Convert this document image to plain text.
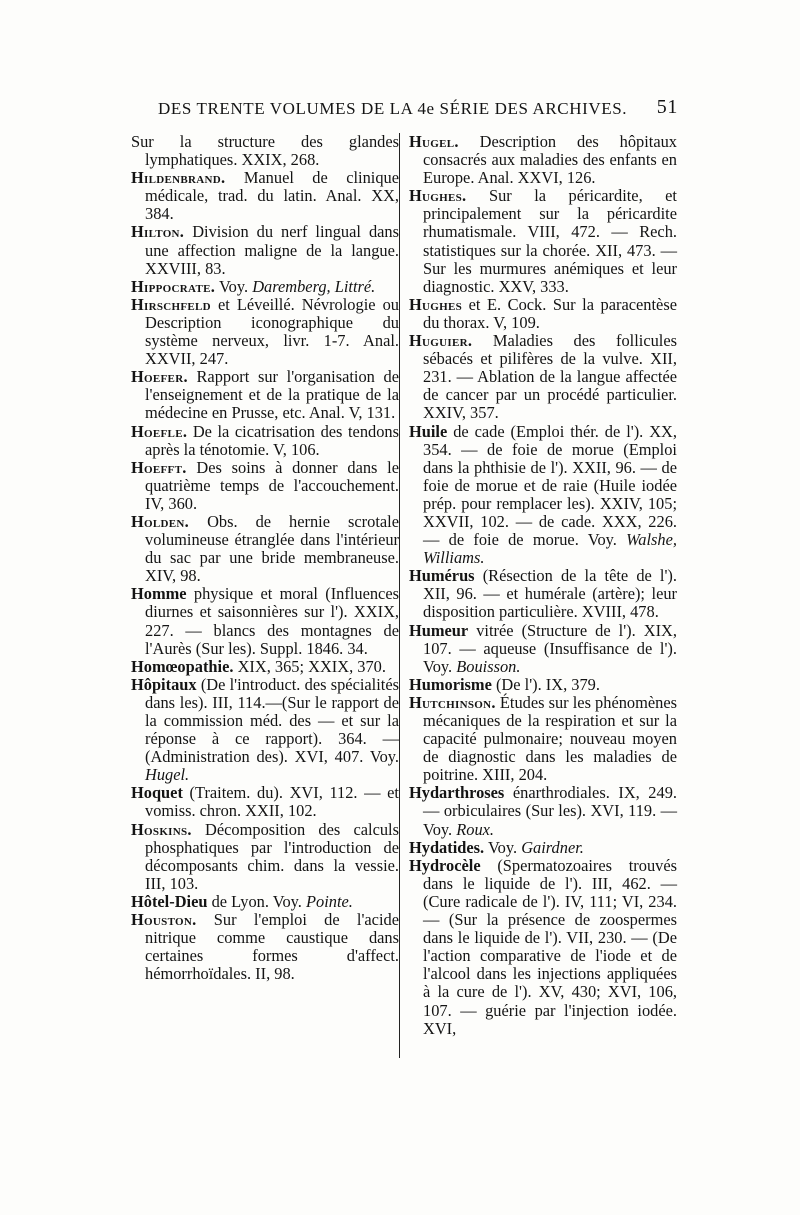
DES TRENTE VOLUMES DE LA 4e SÉRIE DES ARCHIVES. 51

Sur la structure des glandes lymphatiques. XXIX, 268.

Hildenbrand. Manuel de clinique médicale, trad. du latin. Anal. XX, 384.

Hilton. Division du nerf lingual dans une affection maligne de la langue. XXVIII, 83.

Hippocrate. Voy. Daremberg, Littré.

Hirschfeld et Léveillé. Névrologie ou Description iconographique du système nerveux, livr. 1-7. Anal. XXVII, 247.

Hoefer. Rapport sur l'organisation de l'enseignement et de la pratique de la médecine en Prusse, etc. Anal. V, 131.

Hoefle. De la cicatrisation des tendons après la ténotomie. V, 106.

Hoefft. Des soins à donner dans le quatrième temps de l'accouchement. IV, 360.

Holden. Obs. de hernie scrotale volumineuse étranglée dans l'intérieur du sac par une bride membraneuse. XIV, 98.

Homme physique et moral (Influences diurnes et saisonnières sur l'). XXIX, 227. — blancs des montagnes de l'Aurès (Sur les). Suppl. 1846. 34.

Homœopathie. XIX, 365; XXIX, 370.

Hôpitaux (De l'introduct. des spécialités dans les). III, 114.—(Sur le rapport de la commission méd. des — et sur la réponse à ce rapport). 364. — (Administration des). XVI, 407. Voy. Hugel.

Hoquet (Traitem. du). XVI, 112. — et vomiss. chron. XXII, 102.

Hoskins. Décomposition des calculs phosphatiques par l'introduction de décomposants chim. dans la vessie. III, 103.

Hôtel-Dieu de Lyon. Voy. Pointe.

Houston. Sur l'emploi de l'acide nitrique comme caustique dans certaines formes d'affect. hémorrhoïdales. II, 98.

Hugel. Description des hôpitaux consacrés aux maladies des enfants en Europe. Anal. XXVI, 126.

Hughes. Sur la péricardite, et principalement sur la péricardite rhumatismale. VIII, 472. — Rech. statistiques sur la chorée. XII, 473. — Sur les murmures anémiques et leur diagnostic. XXV, 333.

Hughes et E. Cock. Sur la paracentèse du thorax. V, 109.

Huguier. Maladies des follicules sébacés et pilifères de la vulve. XII, 231. — Ablation de la langue affectée de cancer par un procédé particulier. XXIV, 357.

Huile de cade (Emploi thér. de l'). XX, 354. — de foie de morue (Emploi dans la phthisie de l'). XXII, 96. — de foie de morue et de raie (Huile iodée prép. pour remplacer les). XXIV, 105; XXVII, 102. — de cade. XXX, 226. — de foie de morue. Voy. Walshe, Williams.

Humérus (Résection de la tête de l'). XII, 96. — et humérale (artère); leur disposition particulière. XVIII, 478.

Humeur vitrée (Structure de l'). XIX, 107. — aqueuse (Insuffisance de l'). Voy. Bouisson.

Humorisme (De l'). IX, 379.

Hutchinson. Études sur les phénomènes mécaniques de la respiration et sur la capacité pulmonaire; nouveau moyen de diagnostic dans les maladies de poitrine. XIII, 204.

Hydarthroses énarthrodiales. IX, 249. — orbiculaires (Sur les). XVI, 119. — Voy. Roux.

Hydatides. Voy. Gairdner.

Hydrocèle (Spermatozoaires trouvés dans le liquide de l'). III, 462. — (Cure radicale de l'). IV, 111; VI, 234. — (Sur la présence de zoospermes dans le liquide de l'). VII, 230. — (De l'action comparative de l'iode et de l'alcool dans les injections appliquées à la cure de l'). XV, 430; XVI, 106, 107. — guérie par l'injection iodée. XVI,
